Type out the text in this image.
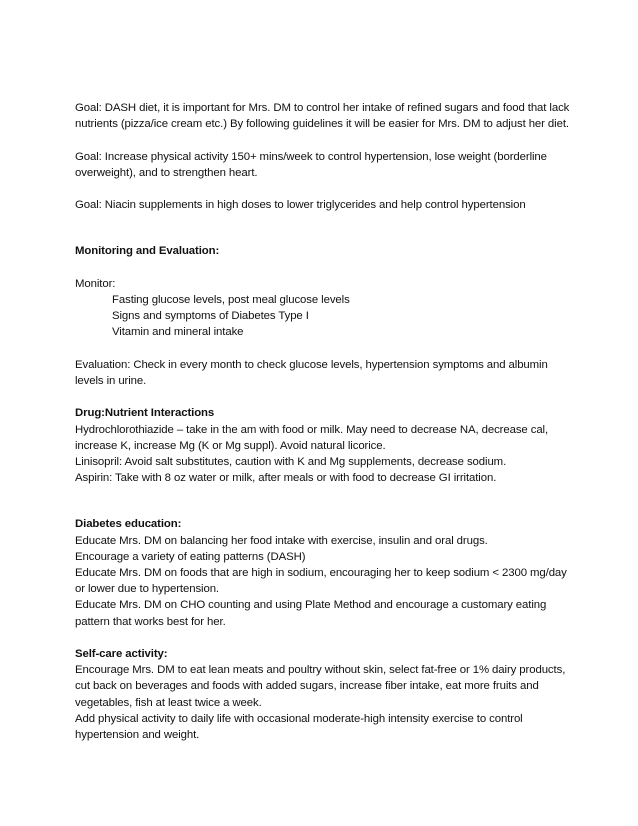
Goal: DASH diet, it is important for Mrs. DM to control her intake of refined sugars and food that lack nutrients (pizza/ice cream etc.) By following guidelines it will be easier for Mrs. DM to adjust her diet.

Goal: Increase physical activity 150+ mins/week to control hypertension, lose weight (borderline overweight), and to strengthen heart.

Goal: Niacin supplements in high doses to lower triglycerides and help control hypertension

Monitoring and Evaluation:

Monitor:

Fasting glucose levels, post meal glucose levels

Signs and symptoms of Diabetes Type I

Vitamin and mineral intake

Evaluation: Check in every month to check glucose levels, hypertension symptoms and albumin levels in urine.

Drug:Nutrient Interactions

Hydrochlorothiazide – take in the am with food or milk. May need to decrease NA, decrease cal, increase K, increase Mg (K or Mg suppl). Avoid natural licorice.

Linisopril: Avoid salt substitutes, caution with K and Mg supplements, decrease sodium.

Aspirin: Take with 8 oz water or milk, after meals or with food to decrease GI irritation.

Diabetes education:

Educate Mrs. DM on balancing her food intake with exercise, insulin and oral drugs.

Encourage a variety of eating patterns (DASH)

Educate Mrs. DM on foods that are high in sodium, encouraging her to keep sodium < 2300 mg/day or lower due to hypertension.

Educate Mrs. DM on CHO counting and using Plate Method and encourage a customary eating pattern that works best for her.

Self-care activity:

Encourage Mrs. DM to eat lean meats and poultry without skin, select fat-free or 1% dairy products, cut back on beverages and foods with added sugars, increase fiber intake, eat more fruits and vegetables, fish at least twice a week.

Add physical activity to daily life with occasional moderate-high intensity exercise to control hypertension and weight.
